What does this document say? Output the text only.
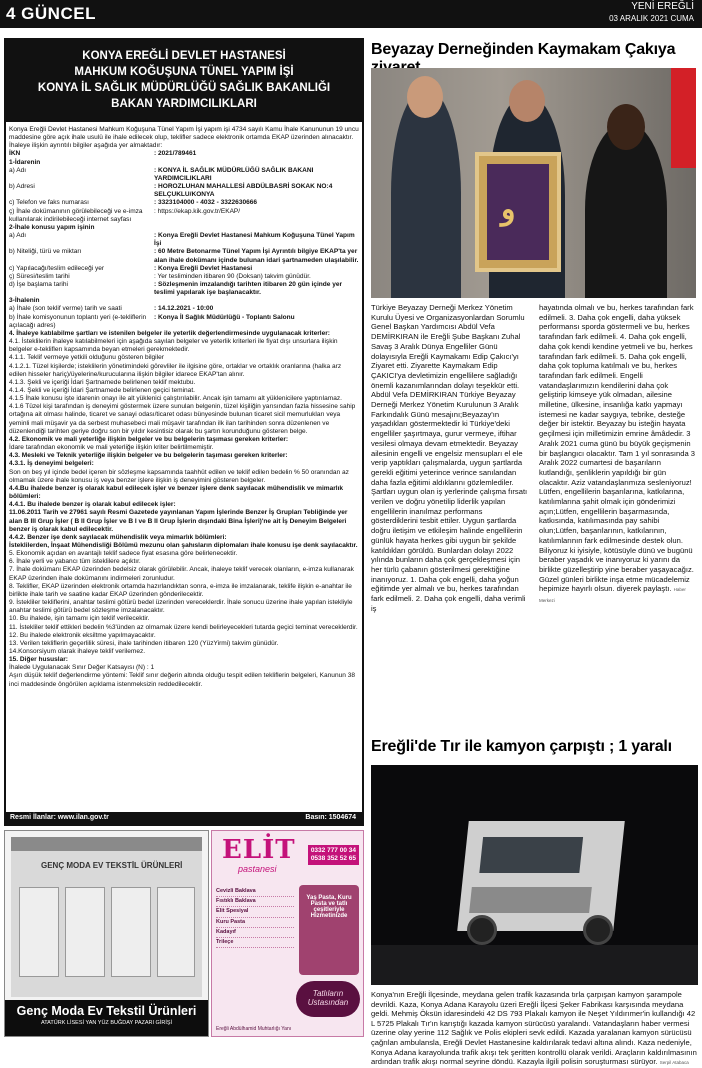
4 GÜNCEL	YENİ EREĞLİ
03 ARALIK 2021 CUMA
KONYA EREĞLİ DEVLET HASTANESİ
MAHKUM KOĞUŞUNA TÜNEL YAPIM İŞİ
KONYA İL SAĞLIK MÜDÜRLÜĞÜ SAĞLIK BAKANLIĞI
BAKAN YARDIMCILIKLARI

Konya Ereğli Devlet Hastanesi Mahkum Koğuşuna Tünel Yapım İşi yapım işi 4734 sayılı Kamu İhale Kanununun 19 uncu maddesine göre açık ihale usulü ile ihale edilecek olup, teklifler sadece elektronik ortamda EKAP üzerinden alınacaktır. İhaleye ilişkin ayrıntılı bilgiler aşağıda yer almaktadır:

İKN	: 2021/789461

1-İdarenin

a) Adı	: KONYA İL SAĞLIK MÜDÜRLÜĞÜ SAĞLIK BAKANI YARDIMCILIKLARI
b) Adresi	: HOROZLUHAN MAHALLESİ ABDÜLBASRİ SOKAK NO:4 SELÇUKLU/KONYA
c) Telefon ve faks numarası	: 3323104000 - 4032 - 3322630666
ç) İhale dokümanının görülebileceği ve e-imza kullanılarak indirilebileceği internet sayfası
: https://ekap.kik.gov.tr/EKAP/

2-İhale konusu yapım işinin

a) Adı	: Konya Ereğli Devlet Hastanesi Mahkum Koğuşuna Tünel Yapım İşi
b) Niteliği, türü ve miktarı	: 60 Metre Betonarme Tünel Yapım İşi Ayrıntılı bilgiye EKAP'ta yer alan ihale dokümanı içinde bulunan idari şartnameden ulaşılabilir.
c) Yapılacağı/teslim edileceği yer	: Konya Ereğli Devlet Hastanesi
ç) Süresi/teslim tarihi	: Yer tesliminden itibaren 90 (Doksan) takvim günüdür.
d) İşe başlama tarihi	: Sözleşmenin imzalandığı tarihten itibaren 20 gün içinde yer teslimi yapılarak işe başlanacaktır.

3-İhalenin

a) İhale (son teklif verme) tarih ve saati	: 14.12.2021 - 10:00
b) İhale komisyonunun toplantı yeri (e-tekliflerin açılacağı adres)
: Konya İl Sağlık Müdürlüğü - Toplantı Salonu

4. İhaleye katılabilme şartları ve istenilen belgeler ile yeterlik değerlendirmesinde uygulanacak kriterler:

4.1. İsteklilerin ihaleye katılabilmeleri için aşağıda sayılan belgeler ve yeterlik kriterleri ile fiyat dışı unsurlara ilişkin belgeler e-tekliflerı kapsamında beyan etmeleri gerekmektedir.

4.1.1. Teklif vermeye yetkili olduğunu gösteren bilgiler

4.1.2.1. Tüzel kişilerde; isteklilerin yönetimindeki görevliler ile ilgisine göre, ortaklar ve ortaklık oranlarına (halka arz edilen hisseler hariç)/üyelerine/kurucularına ilişkin bilgiler idarece EKAP'tan alınır.

4.1.3. Şekli ve içeriği İdari Şartnamede belirlenen teklif mektubu.

4.1.4. Şekli ve içeriği İdari Şartnamede belirlenen geçici teminat.

4.1.5 İhale konusu işte idarenin onayı ile alt yüklenici çalıştırılabilir. Ancak işin tamamı alt yüklenicilere yaptırılamaz.

4.1.6 Tüzel kişi tarafından iş deneyimi göstermek üzere sunulan belgenin, tüzel kişiliğin yarısından fazla hissesine sahip ortağına ait olması halinde, ticaret ve sanayi odası/ticaret odası bünyesinde bulunan ticaret sicil memurlukları veya yeminli mali müşavir ya da serbest muhasebeci mali müşavir tarafından ilk ilan tarihinden sonra düzenlenen ve düzenlendiği tarihten geriye doğru son bir yıldır kesintisiz olarak bu şartın korunduğunu gösteren belge.

4.2. Ekonomik ve mali yeterliğe ilişkin belgeler ve bu belgelerin taşıması gereken kriterler:

İdare tarafından ekonomik ve mali yeterliğe ilişkin kriter belirtilmemiştir.

4.3. Mesleki ve Teknik yeterliğe ilişkin belgeler ve bu belgelerin taşıması gereken kriterler:

4.3.1. İş deneyimi belgeleri:

Son on beş yıl içinde bedel içeren bir sözleşme kapsamında taahhüt edilen ve teklif edilen bedelin % 50 oranından az olmamak üzere ihale konusu iş veya benzer işlere ilişkin iş deneyimini gösteren belgeler.

4.4.Bu ihalede benzer iş olarak kabul edilecek işler ve benzer işlere denk sayılacak mühendislik ve mimarlık bölümleri:

4.4.1. Bu ihalede benzer iş olarak kabul edilecek işler:

11.06.2011 Tarih ve 27961 sayılı Resmi Gazetede yayınlanan Yapım İşlerinde Benzer İş Grupları Tebliğinde yer alan B III Grup İşler ( B II Grup İşler ve B I ve B II Grup İşlerin dışındaki Bina İşleri)'ne ait İş Deneyim Belgeleri benzer iş olarak kabul edilecektir.

4.4.2. Benzer işe denk sayılacak mühendislik veya mimarlık bölümleri:

İsteklilerden, İnşaat Mühendisliği Bölümü mezunu olan şahısların diplomaları ihale konusu işe denk sayılacaktır.

5. Ekonomik açıdan en avantajlı teklif sadece fiyat esasına göre belirlenecektir.

6. İhale yerli ve yabancı tüm isteklilere açıktır.

7. İhale dokümanı EKAP üzerinden bedelsiz olarak görülebilir. Ancak, ihaleye teklif verecek olanların, e-imza kullanarak EKAP üzerinden ihale dokümanını indirmeleri zorunludur.

8. Teklifler, EKAP üzerinden elektronik ortamda hazırlandıktan sonra, e-imza ile imzalanarak, teklife ilişkin e-anahtar ile birlikte ihale tarih ve saatine kadar EKAP üzerinden gönderilecektir.

9. İstekliler tekliflerini, anahtar teslimi götürü bedel üzerinden vereceklerdir. İhale sonucu üzerine ihale yapılan istekliyle anahtar teslimi götürü bedel sözleşme imzalanacaktır.

10. Bu ihalede, işin tamamı için teklif verilecektir.

11. İstekliler teklif ettikleri bedelin %3'ünden az olmamak üzere kendi belirleyecekleri tutarda geçici teminat vereceklerdir.

12. Bu ihalede elektronik eksiltme yapılmayacaktır.

13. Verilen tekliflerin geçerlilik süresi, ihale tarihinden itibaren 120 (YüzYirmi) takvim günüdür.

14.Konsorsiyum olarak ihaleye teklif verilemez.

15. Diğer hususlar:

İhalede Uygulanacak Sınır Değer Katsayısı (N) : 1

Aşırı düşük teklif değerlendirme yöntemi: Teklif sınır değerin altında olduğu tespit edilen tekliflerin belgeleri, Kanunun 38 inci maddesinde öngörülen açıklama istenmeksizin reddedilecektir.

Resmi İlanlar: www.ilan.gov.tr	Basın: 1504674
GENÇ MODA EV TEKSTİL ÜRÜNLERİ
Genç Moda Ev Tekstil Ürünleri
ATATÜRK LİSESİ YAN YÜZ BUĞDAY PAZARI GİRİŞİ
ELİT
pastanesi
0332 777 00 34
0538 352 52 65
Cevizli Baklava
Fıstıklı Baklava
Elit Spesiyal
Kuru Pasta
Kadayıf
Trileçe
Yaş Pasta, Kuru Pasta ve tatlı çeşitleriyle Hizmetinizde
Tatlıların Ustasından
Ereğli Abdülhamid Muhtarlığı Yanı
Beyazay Derneğinden Kaymakam Çakıya
و

Türkiye Beyazay Derneği Merkez Yönetim Kurulu Üyesi ve Organizasyonlardan Sorumlu Genel Başkan Yardımcısı Abdül Vefa DEMİRKIRAN ile Ereğli Şube Başkanı Zuhal Savaş 3 Aralık Dünya Engelliler Günü dolayısıyla Ereğli Kaymakamı Edip Çakıcı'yı Ziyaret etti. Ziyarette Kaymakam Edip ÇAKICI'ya devletimizin engellilere sağladığı önemli kazanımlarından dolayı teşekkür etti. Abdül Vefa DEMİRKIRAN Türkiye Beyazay Derneği Merkez Yönetim Kurulunun 3 Aralık Farkındalık Günü mesajını;Beyazay'ın yaşadıkları göstermektedir ki Türkiye'deki engelliler şaşırtmaya, gurur vermeye, iftihar vesilesi olmaya devam etmektedir. Beyazay ailesinin engelli ve engelsiz mensupları el ele verip yaptıkları çalışmalarda, uygun şartlarda gerekli eğitimi yeterince verince sanılandan daha fazla eğitimi aldıklarını gözlemlediler. Şartları uygun olan iş yerlerinde çalışma fırsatı verilen ve doğru yönetilip liderlik yapılan engellilerin inanılmaz performans gösterdiklerini tesbit ettiler. Uygun şartlarda doğru iletişim ve etkileşim halinde engellilerin günlük hayata herkes gibi uygun bir şekilde katıldıkları görüldü. Bunlardan dolayı 2022 yılında bunların daha çok gerçekleşmesi için her türlü çabanın gösterilmesi gerektiğine inanıyoruz. 1. Daha çok engelli, daha yoğun eğitimde yer almalı ve bu, herkes tarafından fark edilmeli. 2. Daha çok engelli, daha verimli iş

hayatında olmalı ve bu, herkes tarafından fark edilmeli. 3. Daha çok engelli, daha yüksek performansı sporda göstermeli ve bu, herkes tarafından fark edilmeli. 4. Daha çok engelli, daha çok kendi kendine yetmeli ve bu, herkes tarafından fark edilmeli. 5. Daha çok engelli, daha çok topluma katılmalı ve bu, herkes tarafından fark edilmeli. Engelli vatandaşlarımızın kendilerini daha çok geliştirip kimseye yük olmadan, ailesine milletine, ülkesine, insanlığa katkı yapmayı istemesi ne kadar saygıya, tebrike, desteğe değer bir istektir. Beyazay bu isteğin hayata geçilmesi için milletimizin emrine âmâdedir. 3 Aralık 2021 cuma günü bu büyük geçişmenin bir başlangıcı olacaktır. Tam 1 yıl sonrasında 3 Aralık 2022 cumartesi de başarıların kutlandığı, şenliklerin yapıldığı bir gün olacaktır. Aziz vatandaşlarımıza sesleniyoruz! Lütfen, engellilerin başarılarına, katkılarına, katılımlarına şahit olmak için gönderimizi açın;Lütfen, engellilerin başarmasında, katkısında, katılımasında pay sahibi olun;Lütfen, başarılarının, katkılarının, katılımlarının fark edilmesinde destek olun. Biliyoruz ki iyisiyle, kötüsüyle dünü ve bugünü beraber yaşadık ve inanıyoruz ki yarını da birlikte güzelleştirip yine beraber yaşayacağız. Güzel günleri birlikte inşa etme mücadelemiz hepimize hayırlı olsun. diyerek paylaştı. Haber Merkezi

Ereğli'de Tır ile kamyon çarpıştı ; 1 yaralı
Konya'nın Ereğli İlçesinde, meydana gelen trafik kazasında tırla çarpışan kamyon şarampole devrildi. Kaza, Konya Adana Karayolu üzeri Ereğli İlçesi Şeker Fabrikası karşısında meydana geldi. Mehmiş Öksün idaresindeki 42 DS 793 Plakalı kamyon ile Neşet Yıldırımer'in kullandığı 42 L 5725 Plakalı Tır'ın karıştığı kazada kamyon sürücüsü yaralandı. Vatandaşların haber vermesi üzerine olay yerine 112 Sağlık ve Polis ekipleri sevk edildi. Kazada yaralanan kamyon sürücüsü çağrılan ambulansla, Ereğli Devlet Hastanesine kaldırılarak tedavi altına alındı. Kaza nedeniyle, Konya Adana karayolunda trafik akışı tek şeritten kontrollü olarak verildi. Araçların kaldırılmasının ardından trafik akışı normal seyrine döndü. Kazayla ilgili polisin soruşturması sürüyor. Serpil Atabaca
